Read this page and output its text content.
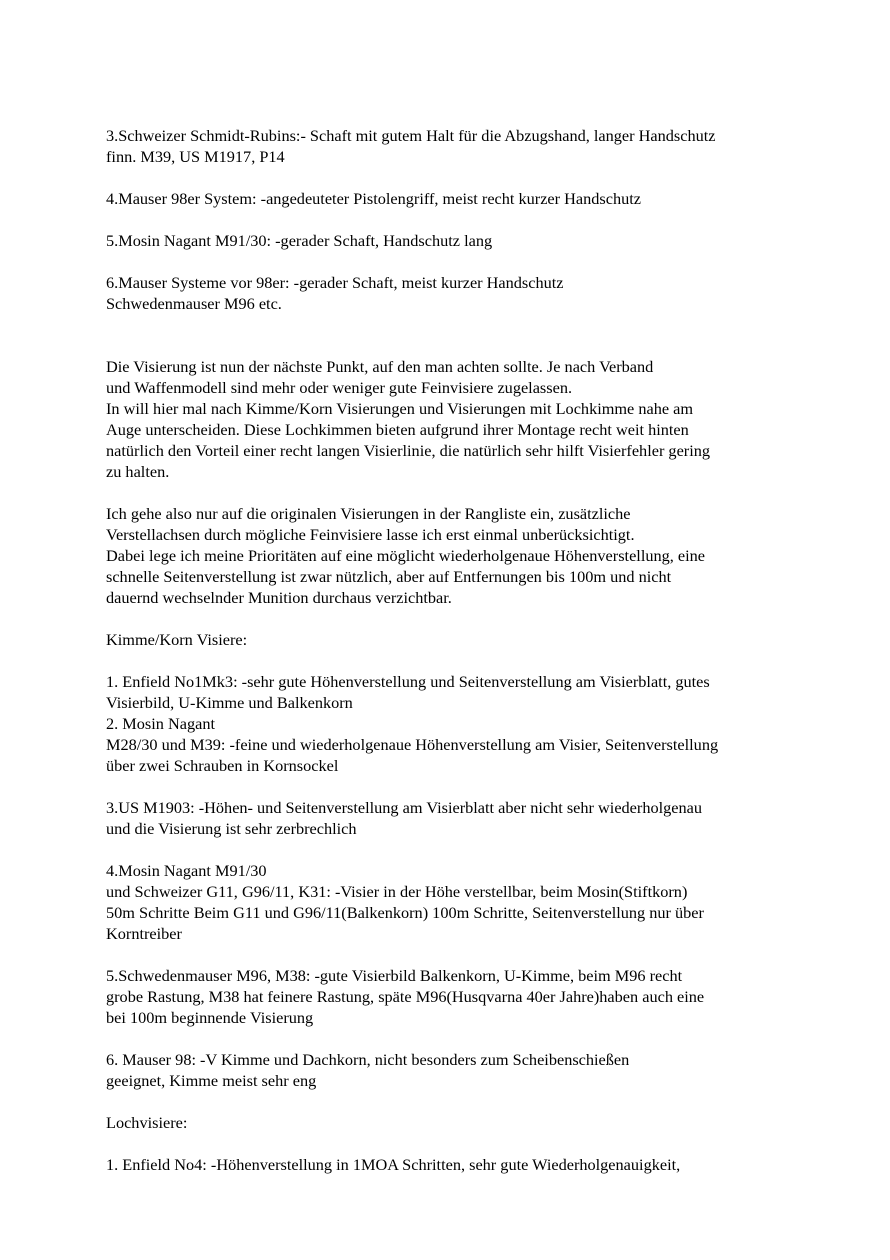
3.Schweizer Schmidt-Rubins:- Schaft mit gutem Halt für die Abzugshand, langer Handschutz
finn. M39, US M1917, P14

4.Mauser 98er System: -angedeuteter Pistolengriff, meist recht kurzer Handschutz

5.Mosin Nagant M91/30: -gerader Schaft, Handschutz lang

6.Mauser Systeme vor 98er: -gerader Schaft, meist kurzer Handschutz
Schwedenmauser M96 etc.

Die Visierung ist nun der nächste Punkt, auf den man achten sollte. Je nach Verband
und Waffenmodell sind mehr oder weniger gute Feinvisiere zugelassen.
In will hier mal nach Kimme/Korn Visierungen und Visierungen mit Lochkimme nahe am
Auge unterscheiden. Diese Lochkimmen bieten aufgrund ihrer Montage recht weit hinten
natürlich den Vorteil einer recht langen Visierlinie, die natürlich sehr hilft Visierfehler gering
zu halten.

Ich gehe also nur auf die originalen Visierungen in der Rangliste ein, zusätzliche
Verstellachsen durch mögliche Feinvisiere lasse ich erst einmal unberücksichtigt.
Dabei lege ich meine Prioritäten auf eine möglicht wiederholgenaue Höhenverstellung, eine
schnelle Seitenverstellung ist zwar nützlich, aber auf Entfernungen bis 100m und nicht
dauernd wechselnder Munition durchaus verzichtbar.

Kimme/Korn Visiere:

1. Enfield No1Mk3: -sehr gute Höhenverstellung und Seitenverstellung am Visierblatt, gutes
Visierbild, U-Kimme und Balkenkorn
2. Mosin Nagant
M28/30 und M39: -feine und wiederholgenaue Höhenverstellung am Visier, Seitenverstellung
über zwei Schrauben in Kornsockel

3.US M1903: -Höhen- und Seitenverstellung am Visierblatt aber nicht sehr wiederholgenau
und die Visierung ist sehr zerbrechlich

4.Mosin Nagant M91/30
und Schweizer G11, G96/11, K31: -Visier in der Höhe verstellbar, beim Mosin(Stiftkorn)
50m Schritte Beim G11 und G96/11(Balkenkorn) 100m Schritte, Seitenverstellung nur über
Korntreiber

5.Schwedenmauser M96, M38: -gute Visierbild Balkenkorn, U-Kimme, beim M96 recht
grobe Rastung, M38 hat feinere Rastung, späte M96(Husqvarna 40er Jahre)haben auch eine
bei 100m beginnende Visierung

6. Mauser 98: -V Kimme und Dachkorn, nicht besonders zum Scheibenschießen
geeignet, Kimme meist sehr eng

Lochvisiere:

1. Enfield No4: -Höhenverstellung in 1MOA Schritten, sehr gute Wiederholgenauigkeit,
